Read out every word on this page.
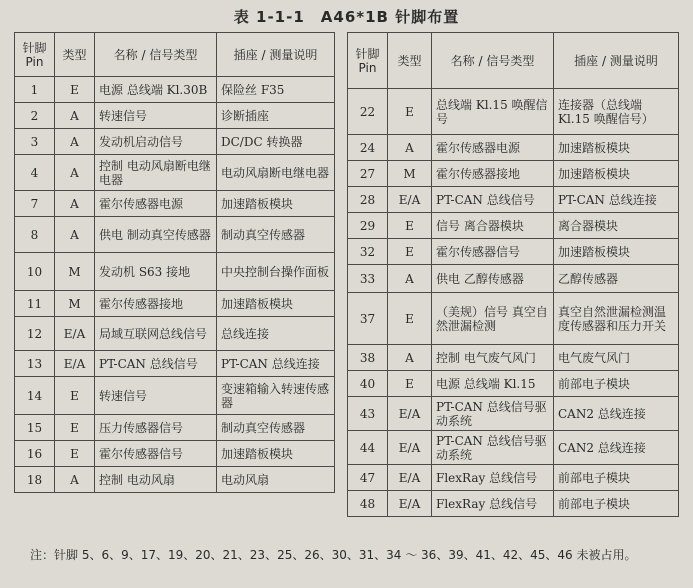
表 1-1-1　A46*1B 针脚布置
针脚
Pin	类型	名称 / 信号类型	插座 / 测量说明
1	E	电源 总线端 Kl.30B	保险丝 F35
2	A	转速信号	诊断插座
3	A	发动机启动信号	DC/DC 转换器
4	A	控制 电动风扇断电继电器	电动风扇断电继电器
7	A	霍尔传感器电源	加速踏板模块
8	A	供电 制动真空传感器	制动真空传感器
10	M	发动机 S63 接地	中央控制台操作面板
11	M	霍尔传感器接地	加速踏板模块
12	E/A	局域互联网总线信号	总线连接
13	E/A	PT-CAN 总线信号	PT-CAN 总线连接
14	E	转速信号	变速箱输入转速传感器
15	E	压力传感器信号	制动真空传感器
16	E	霍尔传感器信号	加速踏板模块
18	A	控制 电动风扇	电动风扇
针脚
Pin	类型	名称 / 信号类型	插座 / 测量说明
22	E	总线端 Kl.15 唤醒信号	连接器（总线端 Kl.15 唤醒信号）
24	A	霍尔传感器电源	加速踏板模块
27	M	霍尔传感器接地	加速踏板模块
28	E/A	PT-CAN 总线信号	PT-CAN 总线连接
29	E	信号 离合器模块	离合器模块
32	E	霍尔传感器信号	加速踏板模块
33	A	供电 乙醇传感器	乙醇传感器
37	E	（美规）信号 真空自然泄漏检测	真空自然泄漏检测温度传感器和压力开关
38	A	控制 电气废气风门	电气废气风门
40	E	电源 总线端 Kl.15	前部电子模块
43	E/A	PT-CAN 总线信号驱动系统	CAN2 总线连接
44	E/A	PT-CAN 总线信号驱动系统	CAN2 总线连接
47	E/A	FlexRay 总线信号	前部电子模块
48	E/A	FlexRay 总线信号	前部电子模块
注：针脚 5、6、9、17、19、20、21、23、25、26、30、31、34 ～ 36、39、41、42、45、46 未被占用。
